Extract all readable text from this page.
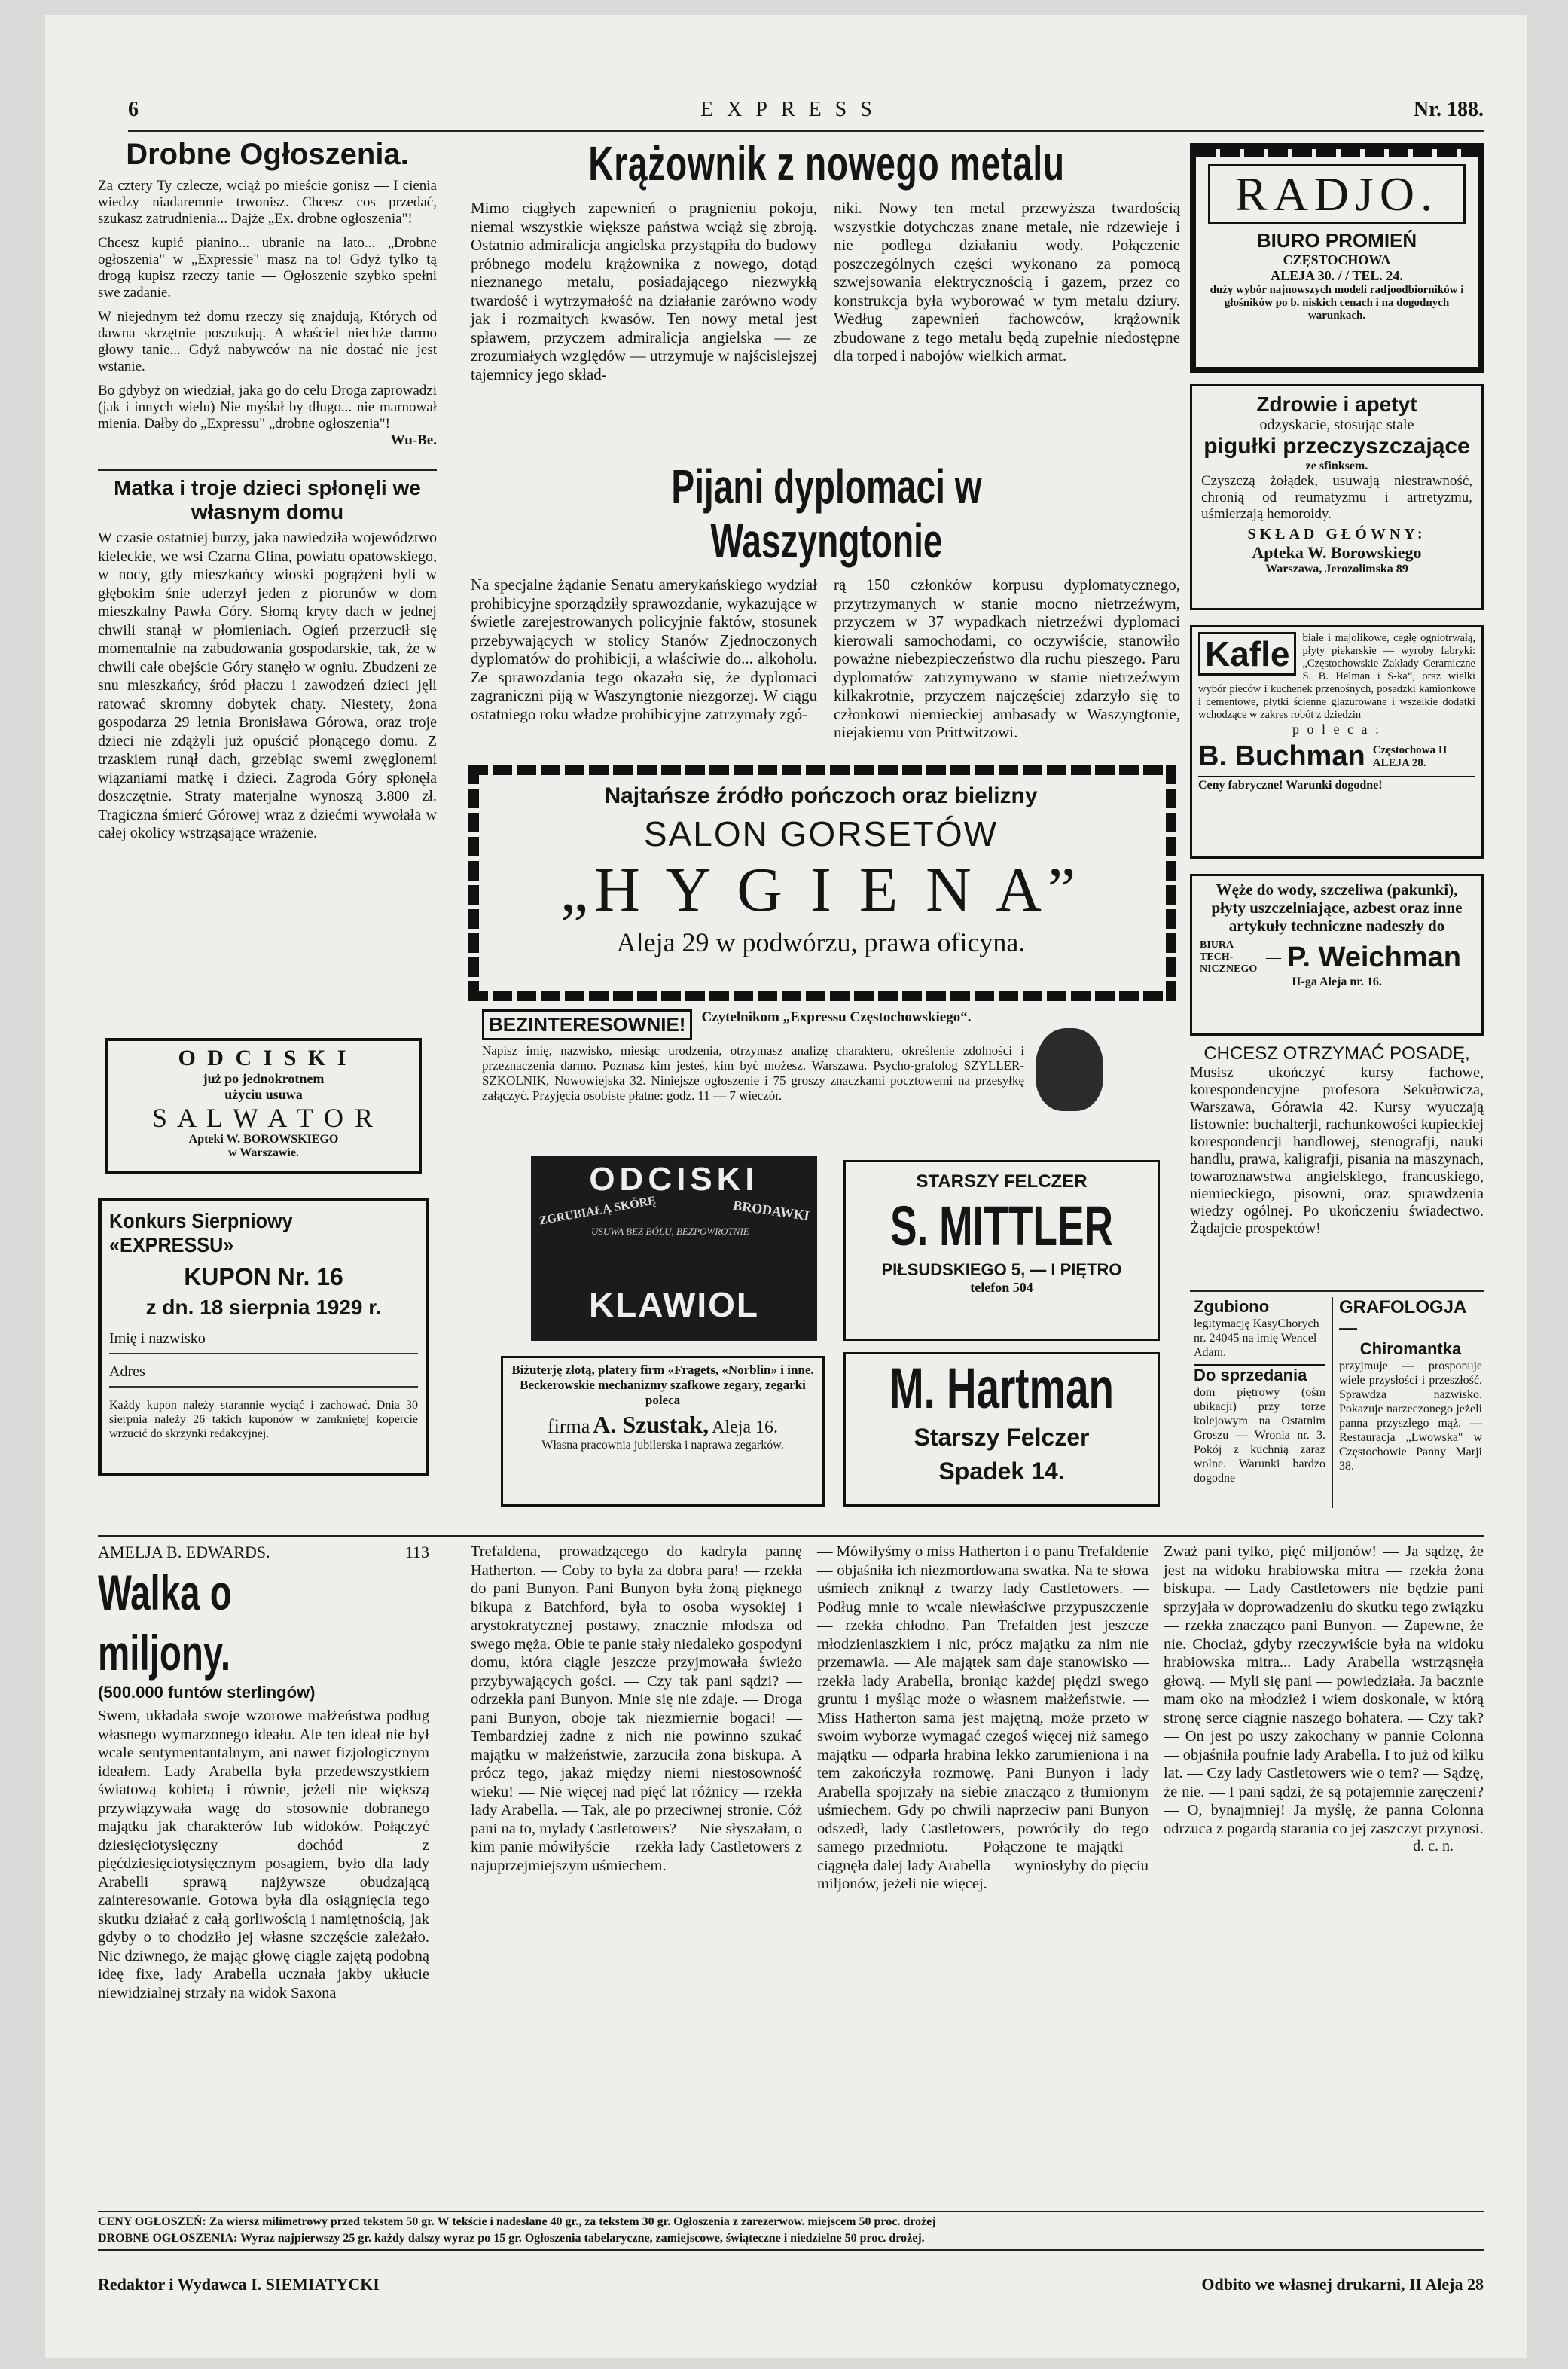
6	EXPRESS	Nr. 188.
Drobne Ogłoszenia.

Za cztery Ty czlecze, wciąż po mieście gonisz — I cienia wiedzy niadaremnie trwonisz. Chcesz cos przedać, szukasz zatrudnienia... Dajże „Ex. drobne ogłoszenia"!

Chcesz kupić pianino... ubranie na lato... „Drobne ogłoszenia" w „Expressie" masz na to! Gdyż tylko tą drogą kupisz rzeczy tanie — Ogłoszenie szybko spełni swe zadanie.

W niejednym też domu rzeczy się znajdują, Których od dawna skrzętnie poszukują. A właściel niechże darmo głowy tanie... Gdyż nabywców na nie dostać nie jest wstanie.

Bo gdybyż on wiedział, jaka go do celu Droga zaprowadzi (jak i innych wielu) Nie myślał by długo... nie marnował mienia. Dałby do „Expressu" „drobne ogłoszenia"!

Wu-Be.
Matka i troje dzieci spłonęli we własnym domu
W czasie ostatniej burzy, jaka nawiedziła województwo kieleckie, we wsi Czarna Glina, powiatu opatowskiego, w nocy, gdy mieszkańcy wioski pogrążeni byli w głębokim śnie uderzył jeden z piorunów w dom mieszkalny Pawła Góry. Słomą kryty dach w jednej chwili stanął w płomieniach. Ogień przerzucił się momentalnie na zabudowania gospodarskie, tak, że w chwili całe obejście Góry stanęło w ogniu. Zbudzeni ze snu mieszkańcy, śród płaczu i zawodzeń dzieci jęli ratować skromny dobytek chaty. Niestety, żona gospodarza 29 letnia Bronisława Górowa, oraz troje dzieci nie zdążyli już opuścić płonącego domu. Z trzaskiem runął dach, grzebiąc swemi zwęglonemi wiązaniami matkę i dzieci. Zagroda Góry spłonęła doszczętnie. Straty materjalne wynoszą 3.800 zł. Tragiczna śmierć Górowej wraz z dziećmi wywołała w całej okolicy wstrząsające wrażenie.
O D C I S K I
już po jednokrotnem
użyciu usuwa
S A L W A T O R
Apteki W. BOROWSKIEGO
w Warszawie.
Konkurs Sierpniowy «EXPRESSU»
KUPON Nr. 16
z dn. 18 sierpnia 1929 r.
Imię i nazwisko
Adres
Każdy kupon należy starannie wyciąć i zachować. Dnia 30 sierpnia należy 26 takich kuponów w zamkniętej kopercie wrzucić do skrzynki redakcyjnej.
Krążownik z nowego metalu
Mimo ciągłych zapewnień o pragnieniu pokoju, niemal wszystkie większe państwa wciąż się zbroją. Ostatnio admiralicja angielska przystąpiła do budowy próbnego modelu krążownika z nowego, dotąd nieznanego metalu, posiadającego niezwykłą twardość i wytrzymałość na działanie zarówno wody jak i rozmaitych kwasów. Ten nowy metal jest spławem, przyczem admiralicja angielska — ze zrozumiałych względów — utrzymuje w najścislejszej tajemnicy jego skład-
niki. Nowy ten metal przewyższa twardością wszystkie dotychczas znane metale, nie rdzewieje i nie podlega działaniu wody. Połączenie poszczególnych części wykonano za pomocą szwejsowania elektrycznością i gazem, przez co konstrukcja była wyborować w tym metalu dziury. Według zapewnień fachowców, krążownik zbudowane z tego metalu będą zupełnie niedostępne dla torped i nabojów wielkich armat.
Pijani dyplomaci w Waszyngtonie
Na specjalne żądanie Senatu amerykańskiego wydział prohibicyjne sporządziły sprawozdanie, wykazujące w świetle zarejestrowanych policyjnie faktów, stosunek przebywających w stolicy Stanów Zjednoczonych dyplomatów do prohibicji, a właściwie do... alkoholu. Ze sprawozdania tego okazało się, że dyplomaci zagraniczni piją w Waszyngtonie niezgorzej. W ciągu ostatniego roku władze prohibicyjne zatrzymały zgó-
rą 150 członków korpusu dyplomatycznego, przytrzymanych w stanie mocno nietrzeźwym, przyczem w 37 wypadkach nietrzeźwi dyplomaci kierowali samochodami, co oczywiście, stanowiło poważne niebezpieczeństwo dla ruchu pieszego. Paru dyplomatów zatrzymywano w stanie nietrzeźwym kilkakrotnie, przyczem najczęściej zdarzyło się to członkowi niemieckiej ambasady w Waszyngtonie, niejakiemu von Prittwitzowi.
Najtańsze źródło pończoch oraz bielizny
SALON GORSETÓW
„H Y G I E N A”
Aleja 29 w podwórzu, prawa oficyna.
BEZINTERESOWNIE!	Czytelnikom „Expressu Częstochowskiego“.
Napisz imię, nazwisko, miesiąc urodzenia, otrzymasz analizę charakteru, określenie zdolności i przeznaczenia darmo. Poznasz kim jesteś, kim być możesz. Warszawa. Psycho-grafolog SZYLLER-SZKOLNIK, Nowowiejska 32. Niniejsze ogłoszenie i 75 groszy znaczkami pocztowemi na przesyłkę załączyć. Przyjęcia osobiste płatne: godz. 11 — 7 wieczór.
ODCISKI
ZGRUBIAŁĄ SKÓRĘ
USUWA BEZ BÓLU, BEZPOWROTNIE
BRODAWKI
KLAWIOL
STARSZY FELCZER
S. MITTLER
PIŁSUDSKIEGO 5, — I PIĘTRO
telefon 504
Biżuterję złotą, platery firm «Fragets, «Norblin» i inne. Beckerowskie mechanizmy szafkowe zegary, zegarki poleca
firma A. Szustak, Aleja 16.
Własna pracownia jubilerska i naprawa zegarków.
M. Hartman
Starszy Felczer
Spadek 14.
RADJO.
BIURO PROMIEŃ
CZĘSTOCHOWA
ALEJA 30. / / TEL. 24.
duży wybór najnowszych modeli radjoodbiorników i głośników po b. niskich cenach i na dogodnych warunkach.
Zdrowie i apetyt
odzyskacie, stosując stale
pigułki przeczyszczające
ze sfinksem.
Czyszczą żołądek, usuwają niestrawność, chronią od reumatyzmu i artretyzmu, uśmierzają hemoroidy.
SKŁAD GŁÓWNY:
Apteka W. Borowskiego
Warszawa, Jerozolimska 89
Kafle	białe i majolikowe, cegłę ogniotrwałą, płyty piekarskie — wyroby fabryki: „Częstochowskie Zakłady Ceramiczne S. B. Helman i S-ka“, oraz wielki wybór pieców i kuchenek przenośnych, posadzki kamionkowe i cementowe, płytki ścienne glazurowane i wszelkie dodatki wchodzące w zakres robót z dziedzin
p o l e c a :
B. Buchman Częstochowa II ALEJA 28.
Ceny fabryczne! Warunki dogodne!
Węże do wody, szczeliwa (pakunki), płyty uszczelniające, azbest oraz inne artykuły techniczne nadeszły do
BIURA TECH-NICZNEGO
— P. Weichman
II-ga Aleja nr. 16.
CHCESZ OTRZYMAĆ POSADĘ,
Musisz ukończyć kursy fachowe, korespondencyjne profesora Sekułowicza, Warszawa, Górawia 42. Kursy wyuczają listownie: buchalterji, rachunkowości kupieckiej korespondencji handlowej, stenografji, nauki handlu, prawa, kaligrafji, pisania na maszynach, towaroznawstwa angielskiego, francuskiego, niemieckiego, pisowni, oraz sprawdzenia wiedzy ogólnej. Po ukończeniu świadectwo. Żądajcie prospektów!
Zgubiono
legitymację KasyChorych nr. 24045 na imię Wencel Adam.
Do sprzedania
dom piętrowy (ośm ubikacji) przy torze kolejowym na Ostatnim Groszu — Wronia nr. 3. Pokój z kuchnią zaraz wolne. Warunki bardzo dogodne
GRAFOLOGJA —
Chiromantka
przyjmuje — prosponuje wiele przysłości i przeszłość. Sprawdza nazwisko. Pokazuje narzeczonego jeżeli panna przyszłego mąż. — Restauracja „Lwowska" w Częstochowie Panny Marji 38.
AMELJA B. EDWARDS.	113
Walka o miljony.
(500.000 funtów sterlingów)
Swem, układała swoje wzorowe małżeństwa podług własnego wymarzonego ideału. Ale ten ideał nie był wcale sentymentantalnym, ani nawet fizjologicznym ideałem. Lady Arabella była przedewszystkiem światową kobietą i równie, jeżeli nie większą przywiązywała wagę do stosownie dobranego majątku jak charakterów lub widoków. Połączyć dziesięciotysięczny dochód z pięćdziesięciotysięcznym posagiem, było dla lady Arabelli sprawą najżywsze obudzającą zainteresowanie. Gotowa była dla osiągnięcia tego skutku działać z całą gorliwością i namiętnością, jak gdyby o to chodziło jej własne szczęście zależało. Nic dziwnego, że mając głowę ciągle zajętą podobną ideę fixe, lady Arabella ucznała jakby ukłucie niewidzialnej strzały na widok Saxona
Trefaldena, prowadzącego do kadryla pannę Hatherton. — Coby to była za dobra para! — rzekła do pani Bunyon. Pani Bunyon była żoną pięknego bikupa z Batchford, była to osoba wysokiej i arystokratycznej postawy, znacznie młodsza od swego męża. Obie te panie stały niedaleko gospodyni domu, która ciągle jeszcze przyjmowała świeżo przybywających gości. — Czy tak pani sądzi? — odrzekła pani Bunyon. Mnie się nie zdaje. — Droga pani Bunyon, oboje tak niezmiernie bogaci! — Tembardziej żadne z nich nie powinno szukać majątku w małżeństwie, zarzuciła żona biskupa. A prócz tego, jakaż między niemi niestosowność wieku! — Nie więcej nad pięć lat różnicy — rzekła lady Arabella. — Tak, ale po przeciwnej stronie. Cóż pani na to, mylady Castletowers? — Nie słyszałam, o kim panie mówiłyście — rzekła lady Castletowers z najuprzejmiejszym uśmiechem.
— Mówiłyśmy o miss Hatherton i o panu Trefaldenie — objaśniła ich niezmordowana swatka. Na te słowa uśmiech zniknął z twarzy lady Castletowers. — Podług mnie to wcale niewłaściwe przypuszczenie — rzekła chłodno. Pan Trefalden jest jeszcze młodzieniaszkiem i nic, prócz majątku za nim nie przemawia. — Ale majątek sam daje stanowisko — rzekła lady Arabella, broniąc każdej piędzi swego gruntu i myśląc może o własnem małżeństwie. — Miss Hatherton sama jest majętną, może przeto w swoim wyborze wymagać czegoś więcej niż samego majątku — odparła hrabina lekko zarumieniona i na tem zakończyła rozmowę. Pani Bunyon i lady Arabella spojrzały na siebie znacząco z tłumionym uśmiechem. Gdy po chwili naprzeciw pani Bunyon odszedł, lady Castletowers, powróciły do tego samego przedmiotu. — Połączone te majątki — ciągnęła dalej lady Arabella — wyniosłyby do pięciu miljonów, jeżeli nie więcej.
Zważ pani tylko, pięć miljonów! — Ja sądzę, że jest na widoku hrabiowska mitra — rzekła żona biskupa. — Lady Castletowers nie będzie pani sprzyjała w doprowadzeniu do skutku tego związku — rzekła znacząco pani Bunyon. — Zapewne, że nie. Chociaż, gdyby rzeczywiście była na widoku hrabiowska mitra... Lady Arabella wstrząsnęła głową. — Myli się pani — powiedziała. Ja bacznie mam oko na młodzież i wiem doskonale, w którą stronę serce ciągnie naszego bohatera. — Czy tak? — On jest po uszy zakochany w pannie Colonna — objaśniła poufnie lady Arabella. I to już od kilku lat. — Czy lady Castletowers wie o tem? — Sądzę, że nie. — I pani sądzi, że są potajemnie zaręczeni? — O, bynajmniej! Ja myślę, że panna Colonna odrzuca z pogardą starania co jej zaszczyt przynosi.
d. c. n.
CENY OGŁOSZEŃ: Za wiersz milimetrowy przed tekstem 50 gr. W tekście i nadesłane 40 gr., za tekstem 30 gr. Ogłoszenia z zarezerwow. miejscem 50 proc. drożej
DROBNE OGŁOSZENIA: Wyraz najpierwszy 25 gr. każdy dalszy wyraz po 15 gr. Ogłoszenia tabelaryczne, zamiejscowe, świąteczne i niedzielne 50 proc. drożej.
Redaktor i Wydawca I. SIEMIATYCKI	Odbito we własnej drukarni, II Aleja 28
